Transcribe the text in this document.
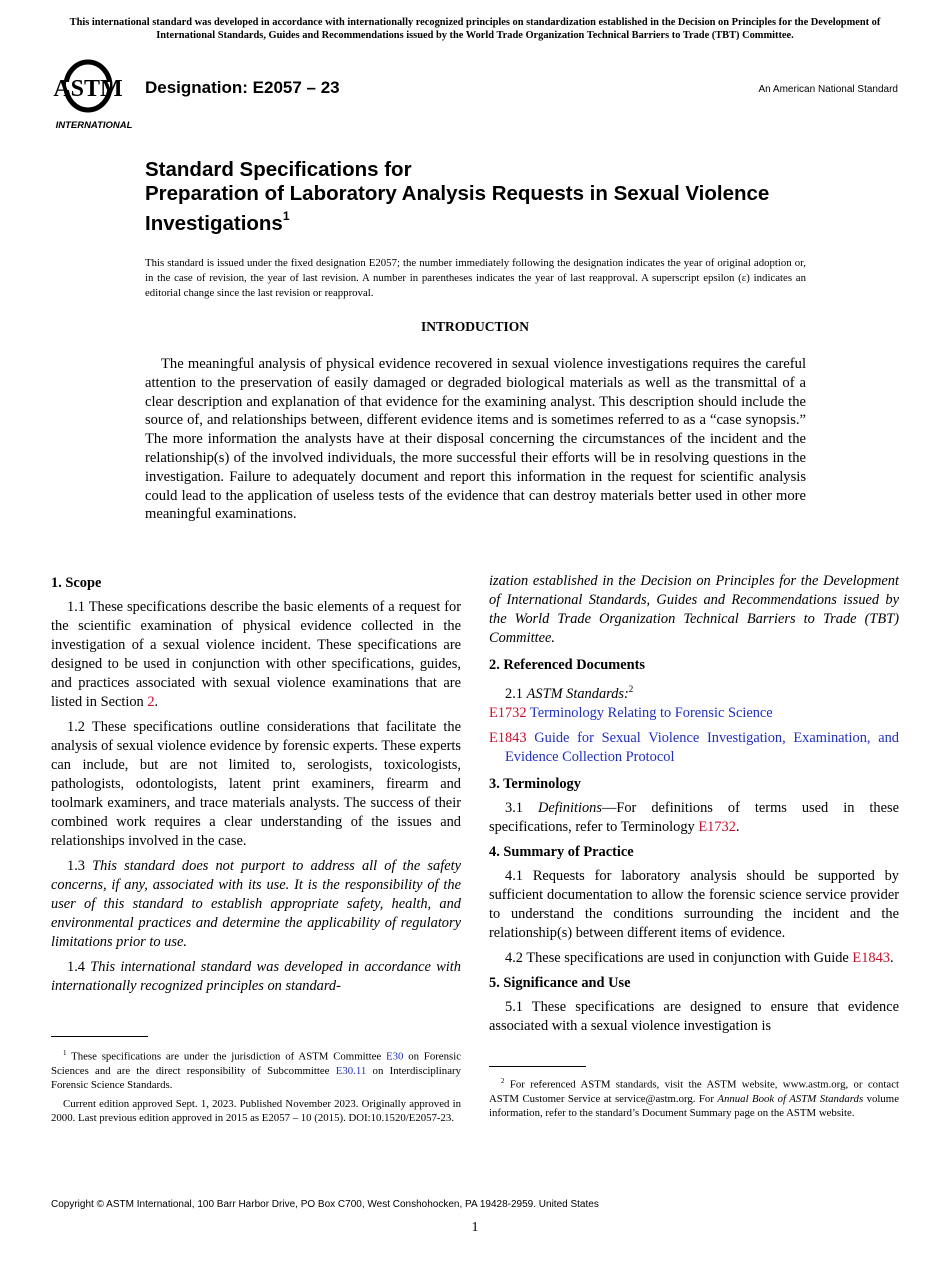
This international standard was developed in accordance with internationally recognized principles on standardization established in the Decision on Principles for the Development of International Standards, Guides and Recommendations issued by the World Trade Organization Technical Barriers to Trade (TBT) Committee.
ASTM
INTERNATIONAL
Designation: E2057 – 23	An American National Standard
Standard Specifications for
Preparation of Laboratory Analysis Requests in Sexual Violence Investigations$^1$
This standard is issued under the fixed designation E2057; the number immediately following the designation indicates the year of original adoption or, in the case of revision, the year of last revision. A number in parentheses indicates the year of last reapproval. A superscript epsilon (ε) indicates an editorial change since the last revision or reapproval.
INTRODUCTION
The meaningful analysis of physical evidence recovered in sexual violence investigations requires the careful attention to the preservation of easily damaged or degraded biological materials as well as the transmittal of a clear description and explanation of that evidence for the examining analyst. This description should include the source of, and relationships between, different evidence items and is sometimes referred to as a “case synopsis.” The more information the analysts have at their disposal concerning the circumstances of the incident and the relationship(s) of the involved individuals, the more successful their efforts will be in resolving questions in the investigation. Failure to adequately document and report this information in the request for scientific analysis could lead to the application of useless tests of the evidence that can destroy materials better used in other more meaningful examinations.
1. Scope

1.1 These specifications describe the basic elements of a request for the scientific examination of physical evidence collected in the investigation of a sexual violence incident. These specifications are designed to be used in conjunction with other specifications, guides, and practices associated with sexual violence examinations that are listed in Section 2.

1.2 These specifications outline considerations that facilitate the analysis of sexual violence evidence by forensic experts. These experts can include, but are not limited to, serologists, toxicologists, pathologists, odontologists, latent print examiners, firearm and toolmark examiners, and trace materials analysts. The success of their combined work requires a clear understanding of the issues and relationships involved in the case.

1.3 This standard does not purport to address all of the safety concerns, if any, associated with its use. It is the responsibility of the user of this standard to establish appropriate safety, health, and environmental practices and determine the applicability of regulatory limitations prior to use.

1.4 This international standard was developed in accordance with internationally recognized principles on standard-

$^1$ These specifications are under the jurisdiction of ASTM Committee E30 on Forensic Sciences and are the direct responsibility of Subcommittee E30.11 on Interdisciplinary Forensic Science Standards.

Current edition approved Sept. 1, 2023. Published November 2023. Originally approved in 2000. Last previous edition approved in 2015 as E2057 – 10 (2015). DOI:10.1520/E2057-23.

ization established in the Decision on Principles for the Development of International Standards, Guides and Recommendations issued by the World Trade Organization Technical Barriers to Trade (TBT) Committee.

2. Referenced Documents

2.1 ASTM Standards:$^2$

E1732 Terminology Relating to Forensic Science

E1843 Guide for Sexual Violence Investigation, Examination, and Evidence Collection Protocol

3. Terminology

3.1 Definitions—For definitions of terms used in these specifications, refer to Terminology E1732.

4. Summary of Practice

4.1 Requests for laboratory analysis should be supported by sufficient documentation to allow the forensic science service provider to understand the conditions surrounding the incident and the relationship(s) between different items of evidence.

4.2 These specifications are used in conjunction with Guide E1843.

5. Significance and Use

5.1 These specifications are designed to ensure that evidence associated with a sexual violence investigation is

$^2$ For referenced ASTM standards, visit the ASTM website, www.astm.org, or contact ASTM Customer Service at service@astm.org. For Annual Book of ASTM Standards volume information, refer to the standard’s Document Summary page on the ASTM website.

Copyright © ASTM International, 100 Barr Harbor Drive, PO Box C700, West Conshohocken, PA 19428-2959. United States
1
